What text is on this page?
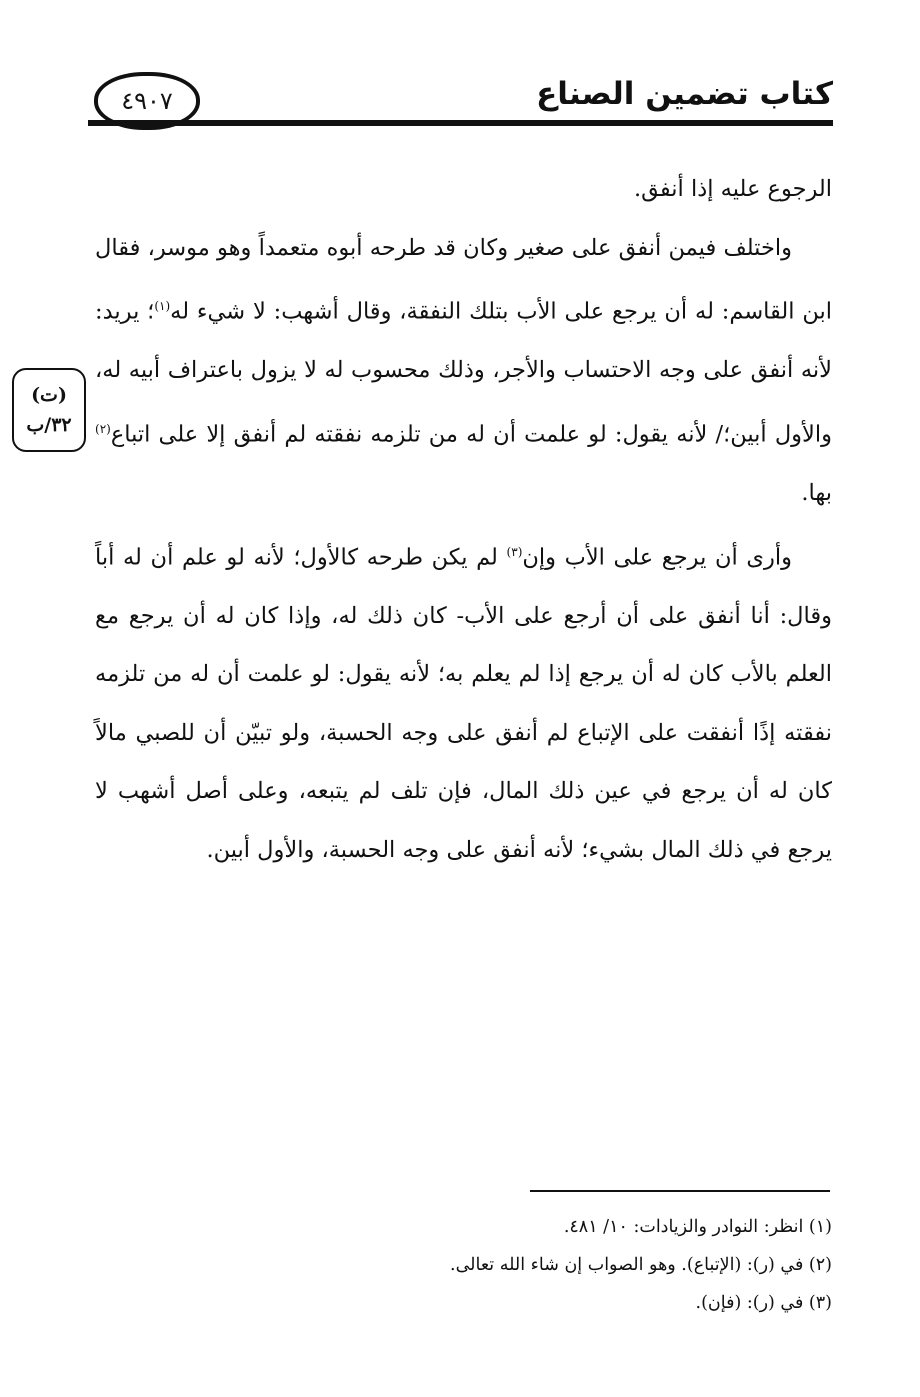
٤٩٠٧	كتاب تضمين الصناع
(ت)
٣٢/ب

الرجوع عليه إذا أنفق.

واختلف فيمن أنفق على صغير وكان قد طرحه أبوه متعمداً وهو موسر، فقال ابن القاسم: له أن يرجع على الأب بتلك النفقة، وقال أشهب: لا شيء له$^{(١)}$؛ يريد: لأنه أنفق على وجه الاحتساب والأجر، وذلك محسوب له لا يزول باعتراف أبيه له، والأول أبين؛/ لأنه يقول: لو علمت أن له من تلزمه نفقته لم أنفق إلا على اتباع$^{(٢)}$ بها.

وأرى أن يرجع على الأب وإن$^{(٣)}$ لم يكن طرحه كالأول؛ لأنه لو علم أن له أباً وقال: أنا أنفق على أن أرجع على الأب- كان ذلك له، وإذا كان له أن يرجع مع العلم بالأب كان له أن يرجع إذا لم يعلم به؛ لأنه يقول: لو علمت أن له من تلزمه نفقته إذًا أنفقت على الإتباع لم أنفق على وجه الحسبة، ولو تبيّن أن للصبي مالاً كان له أن يرجع في عين ذلك المال، فإن تلف لم يتبعه، وعلى أصل أشهب لا يرجع في ذلك المال بشيء؛ لأنه أنفق على وجه الحسبة، والأول أبين.

(١) انظر: النوادر والزيادات: ١٠/ ٤٨١.
(٢) في (ر): (الإتباع). وهو الصواب إن شاء الله تعالى.
(٣) في (ر): (فإن).
